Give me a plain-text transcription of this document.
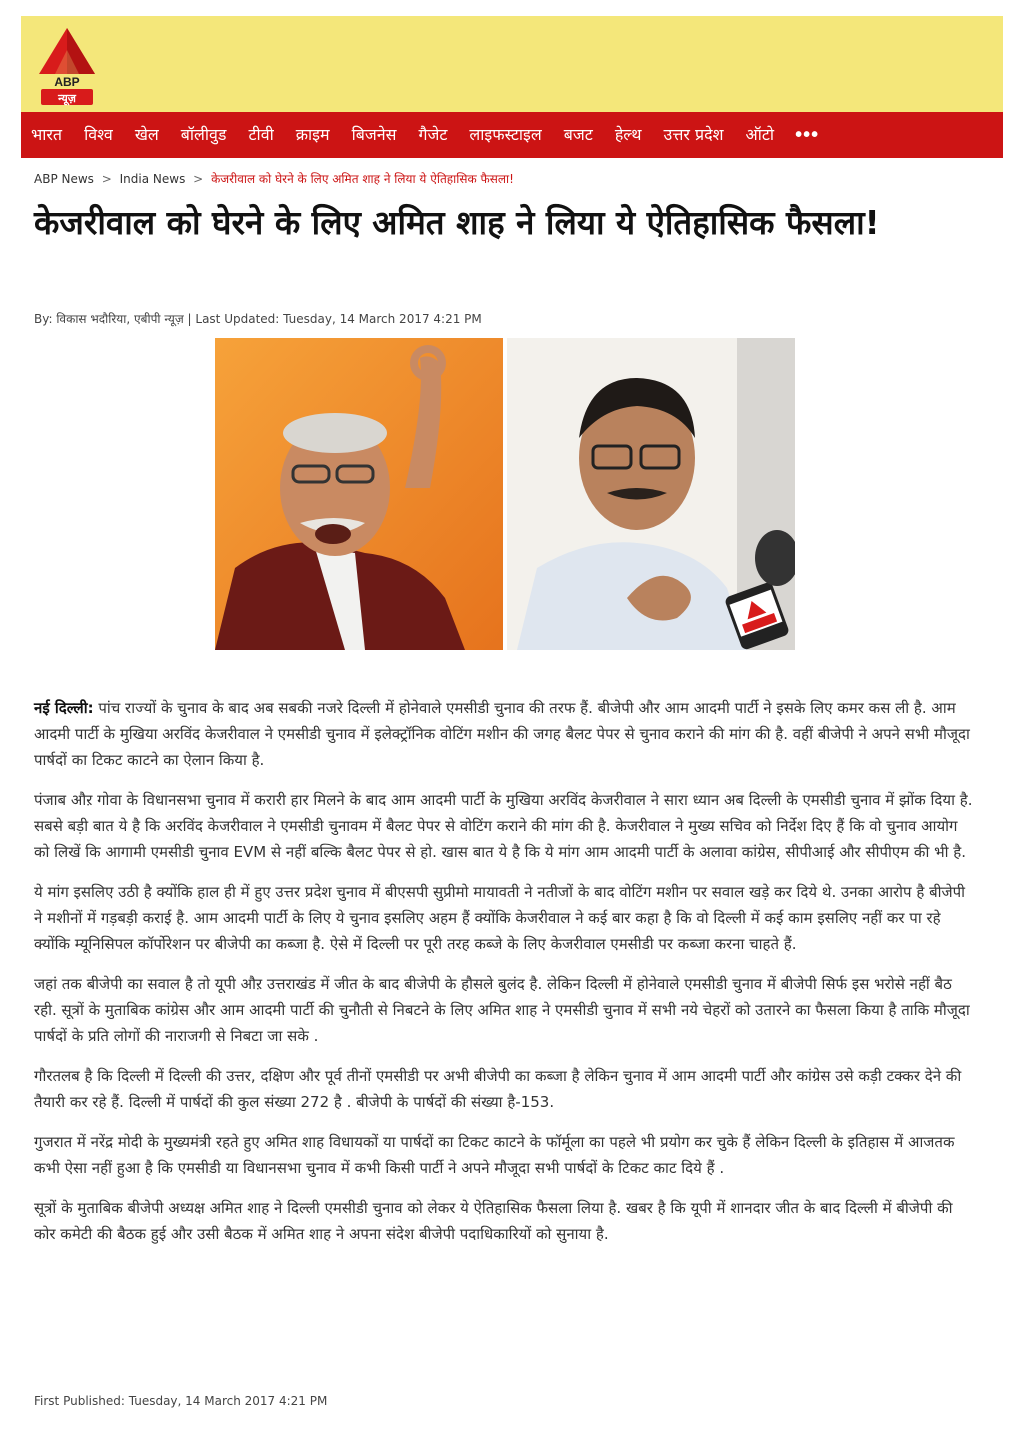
ABP
न्यूज़
भारत	विश्व	खेल	बॉलीवुड	टीवी	क्राइम	बिजनेस	गैजेट	लाइफस्टाइल	बजट	हेल्थ	उत्तर प्रदेश	ऑटो	•••
ABP News > India News > केजरीवाल को घेरने के लिए अमित शाह ने लिया ये ऐतिहासिक फैसला!
केजरीवाल को घेरने के लिए अमित शाह ने लिया ये ऐतिहासिक फैसला!
By: विकास भदौरिया, एबीपी न्यूज़ | Last Updated: Tuesday, 14 March 2017 4:21 PM

नई दिल्ली: पांच राज्यों के चुनाव के बाद अब सबकी नजरे दिल्ली में होनेवाले एमसीडी चुनाव की तरफ हैं. बीजेपी और आम आदमी पार्टी ने इसके लिए कमर कस ली है. आम आदमी पार्टी के मुखिया अरविंद केजरीवाल ने एमसीडी चुनाव में इलेक्ट्रॉनिक वोटिंग मशीन की जगह बैलट पेपर से चुनाव कराने की मांग की है. वहीं बीजेपी ने अपने सभी मौजूदा पार्षदों का टिकट काटने का ऐलान किया है.

पंजाब औऱ गोवा के विधानसभा चुनाव में करारी हार मिलने के बाद आम आदमी पार्टी के मुखिया अरविंद केजरीवाल ने सारा ध्यान अब दिल्ली के एमसीडी चुनाव में झोंक दिया है. सबसे बड़ी बात ये है कि अरविंद केजरीवाल ने एमसीडी चुनावम में बैलट पेपर से वोटिंग कराने की मांग की है. केजरीवाल ने मुख्य सचिव को निर्देश दिए हैं कि वो चुनाव आयोग को लिखें कि आगामी एमसीडी चुनाव EVM से नहीं बल्कि बैलट पेपर से हो. खास बात ये है कि ये मांग आम आदमी पार्टी के अलावा कांग्रेस, सीपीआई और सीपीएम की भी है.

ये मांग इसलिए उठी है क्योंकि हाल ही में हुए उत्तर प्रदेश चुनाव में बीएसपी सुप्रीमो मायावती ने नतीजों के बाद वोटिंग मशीन पर सवाल खड़े कर दिये थे. उनका आरोप है बीजेपी ने मशीनों में गड़बड़ी कराई है. आम आदमी पार्टी के लिए ये चुनाव इसलिए अहम हैं क्योंकि केजरीवाल ने कई बार कहा है कि वो दिल्ली में कई काम इसलिए नहीं कर पा रहे क्योंकि म्यूनिसिपल कॉर्पोरेशन पर बीजेपी का कब्जा है. ऐसे में दिल्ली पर पूरी तरह कब्जे के लिए केजरीवाल एमसीडी पर कब्जा करना चाहते हैं.

जहां तक बीजेपी का सवाल है तो यूपी औऱ उत्तराखंड में जीत के बाद बीजेपी के हौसले बुलंद है. लेकिन दिल्ली में होनेवाले एमसीडी चुनाव में बीजेपी सिर्फ इस भरोसे नहीं बैठ रही. सूत्रों के मुताबिक कांग्रेस और आम आदमी पार्टी की चुनौती से निबटने के लिए अमित शाह ने एमसीडी चुनाव में सभी नये चेहरों को उतारने का फैसला किया है ताकि मौजूदा पार्षदों के प्रति लोगों की नाराजगी से निबटा जा सके .

गौरतलब है कि दिल्ली में दिल्ली की उत्तर, दक्षिण और पूर्व तीनों एमसीडी पर अभी बीजेपी का कब्जा है लेकिन चुनाव में आम आदमी पार्टी और कांग्रेस उसे कड़ी टक्कर देने की तैयारी कर रहे हैं. दिल्ली में पार्षदों की कुल संख्या 272 है . बीजेपी के पार्षदों की संख्या है-153.

गुजरात में नरेंद्र मोदी के मुख्यमंत्री रहते हुए अमित शाह विधायकों या पार्षदों का टिकट काटने के फॉर्मूला का पहले भी प्रयोग कर चुके हैं लेकिन दिल्ली के इतिहास में आजतक कभी ऐसा नहीं हुआ है कि एमसीडी या विधानसभा चुनाव में कभी किसी पार्टी ने अपने मौजूदा सभी पार्षदों के टिकट काट दिये हैं .

सूत्रों के मुताबिक बीजेपी अध्यक्ष अमित शाह ने दिल्ली एमसीडी चुनाव को लेकर ये ऐतिहासिक फैसला लिया है. खबर है कि यूपी में शानदार जीत के बाद दिल्ली में बीजेपी की कोर कमेटी की बैठक हुई और उसी बैठक में अमित शाह ने अपना संदेश बीजेपी पदाधिकारियों को सुनाया है.

First Published: Tuesday, 14 March 2017 4:21 PM
